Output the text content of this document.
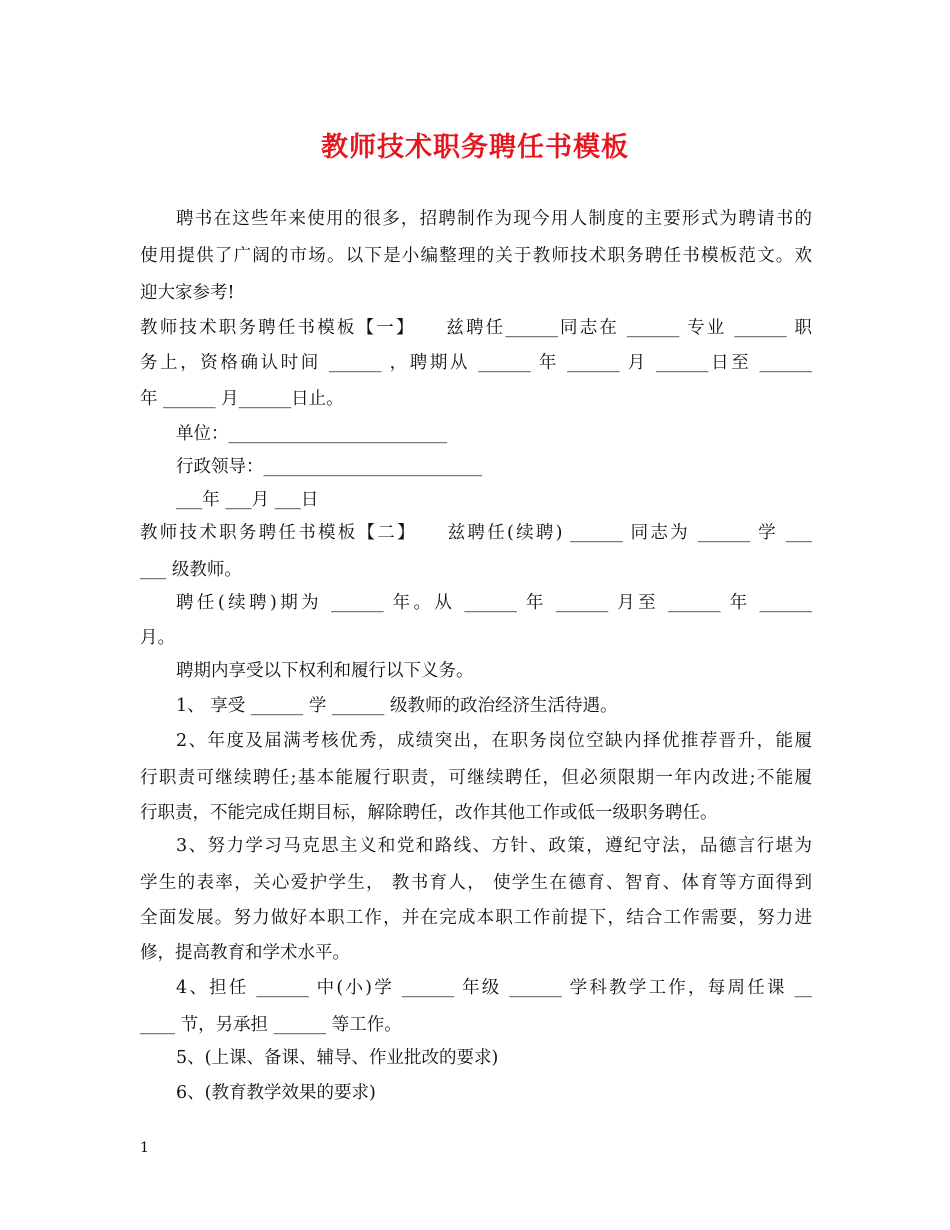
教师技术职务聘任书模板
聘书在这些年来使用的很多，招聘制作为现今用人制度的主要形式为聘请书的
使用提供了广阔的市场。以下是小编整理的关于教师技术职务聘任书模板范文。欢
迎大家参考!
教师技术职务聘任书模板【一】　　兹聘任______同志在 ______ 专业 ______ 职
务上，资格确认时间 ______ ，聘期从 ______ 年 ______ 月 ______日至 ______
年 ______ 月______日止。
单位：_________________________
行政领导：_________________________
___年 ___月 ___日
教师技术职务聘任书模板【二】　　兹聘任(续聘) ______ 同志为 ______ 学 ___
___ 级教师。
聘任(续聘)期为 ______ 年。从 ______ 年 ______ 月至 ______ 年 ______
月。
聘期内享受以下权利和履行以下义务。
1、 享受 ______ 学 ______ 级教师的政治经济生活待遇。
2、年度及届满考核优秀，成绩突出，在职务岗位空缺内择优推荐晋升，能履
行职责可继续聘任;基本能履行职责，可继续聘任，但必须限期一年内改进;不能履
行职责，不能完成任期目标，解除聘任，改作其他工作或低一级职务聘任。
3、努力学习马克思主义和党和路线、方针、政策，遵纪守法，品德言行堪为
学生的表率，关心爱护学生， 教书育人， 使学生在德育、智育、体育等方面得到
全面发展。努力做好本职工作，并在完成本职工作前提下，结合工作需要，努力进
修，提高教育和学术水平。
4、担任 ______ 中(小)学 ______ 年级 ______ 学科教学工作，每周任课 __
____ 节，另承担 ______ 等工作。
5、(上课、备课、辅导、作业批改的要求)
6、(教育教学效果的要求)
1
